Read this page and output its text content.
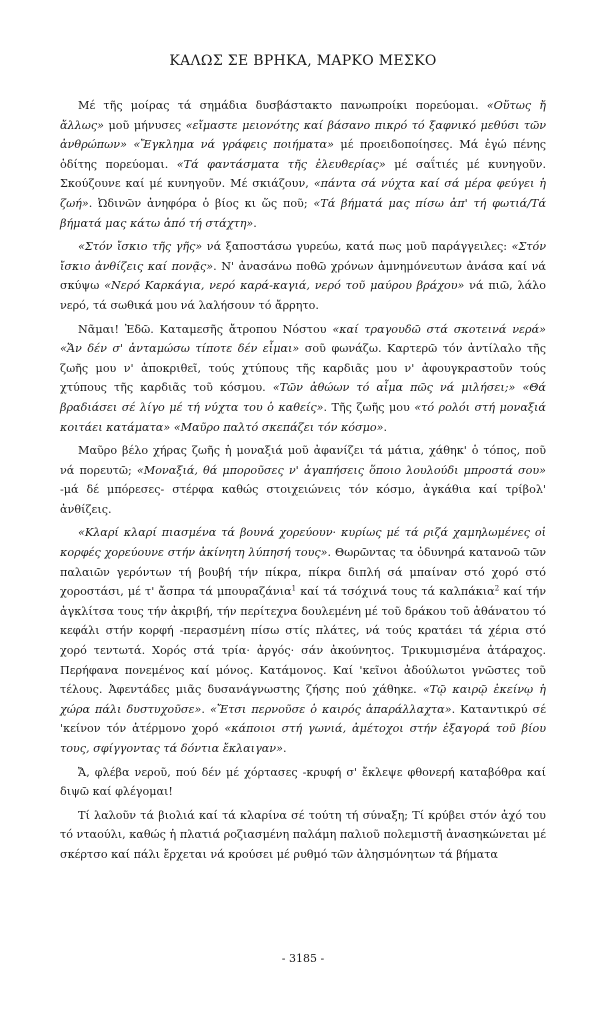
ΚΑΛΩΣ ΣΕ ΒΡΗΚΑ, ΜΑΡΚΟ ΜΕΣΚΟ

Μέ τῆς μοίρας τά σημάδια δυσβάστακτο πανωπροίκι πορεύομαι. «Οὕτως ἤ ἄλλως» μοῦ μήνυσες «εἴμαστε μειονότης καί βάσανο πικρό τό ξαφνικό μεθύσι τῶν ἀνθρώπων» «Ἔγκλημα νά γράφεις ποιήματα» μέ προειδοποίησες. Μά ἐγώ πένης ὁδίτης πορεύομαι. «Τά φαντάσματα τῆς ἐλευθερίας» μέ σαΐτιές μέ κυνηγοῦν. Σκούζουνε καί μέ κυνηγοῦν. Μέ σκιάζουν, «πάντα σά νύχτα καί σά μέρα φεύγει ἡ ζωή». Ὠδινῶν ἀνηφόρα ὁ βίος κι ὥς ποῦ; «Τά βήματά μας πίσω ἀπ' τή φωτιά/Τά βήματά μας κάτω ἀπό τή στάχτη».

«Στόν ἴσκιο τῆς γῆς» νά ξαποστάσω γυρεύω, κατά πως μοῦ παράγγειλες: «Στόν ἴσκιο ἀνθίζεις καί πονᾷς». Ν' ἀνασάνω ποθῶ χρόνων ἀμνημόνευτων ἀνάσα καί νά σκύψω «Νερό Καρκάγια, νερό καρά-καγιά, νερό τοῦ μαύρου βράχου» νά πιῶ, λάλο νερό, τά σωθικά μου νά λαλήσουν τό ἄρρητο.

Νᾶμαι! Ἐδῶ. Καταμεσῆς ἄτροπου Νόστου «καί τραγουδῶ στά σκοτεινά νερά» «Ἄν δέν σ' ἀνταμώσω τίποτε δέν εἶμαι» σοῦ φωνάζω. Καρτερῶ τόν ἀντίλαλο τῆς ζωῆς μου ν' ἀποκριθεῖ, τούς χτύπους τῆς καρδιᾶς μου ν' ἀφουγκραστοῦν τούς χτύπους τῆς καρδιᾶς τοῦ κόσμου. «Τῶν ἀθώων τό αἷμα πῶς νά μιλήσει;» «Θά βραδιάσει σέ λίγο μέ τή νύχτα του ὁ καθείς». Τῆς ζωῆς μου «τό ρολόι στή μοναξιά κοιτάει κατάματα» «Μαῦρο παλτό σκεπάζει τόν κόσμο».

Μαῦρο βέλο χήρας ζωῆς ἡ μοναξιά μοῦ ἀφανίζει τά μάτια, χάθηκ' ὁ τόπος, ποῦ νά πορευτῶ; «Μοναξιά, θά μποροῦσες ν' ἀγαπήσεις ὅποιο λουλούδι μπροστά σου» -μά δέ μπόρεσες- στέρφα καθώς στοιχειώνεις τόν κόσμο, ἀγκάθια καί τρίβολ' ἀνθίζεις.

«Κλαρί κλαρί πιασμένα τά βουνά χορεύουν· κυρίως μέ τά ριζά χαμηλωμένες οἱ κορφές χορεύουνε στήν ἀκίνητη λύπησή τους». Θωρῶντας τα ὀδυνηρά κατανοῶ τῶν παλαιῶν γερόντων τή βουβή τήν πίκρα, πίκρα διπλή σά μπαίναν στό χορό στό χοροστάσι, μέ τ' ἄσπρα τά μπουραζάνια$^1$ καί τά τσόχινά τους τά καλπάκια$^2$ καί τήν ἀγκλίτσα τους τήν ἀκριβή, τήν περίτεχνα δουλεμένη μέ τοῦ δράκου τοῦ ἀθάνατου τό κεφάλι στήν κορφή -περασμένη πίσω στίς πλάτες, νά τούς κρατάει τά χέρια στό χορό τεντωτά. Χορός στά τρία· ἀργός· σάν ἀκούνητος. Τρικυμισμένα ἀτάραχος. Περήφανα πονεμένος καί μόνος. Κατάμονος. Καί 'κεῖνοι ἀδούλωτοι γνῶστες τοῦ τέλους. Ἀφεντάδες μιᾶς δυσανάγνωστης ζήσης πού χάθηκε. «Τῷ καιρῷ ἐκείνῳ ἡ χώρα πάλι δυστυχοῦσε». «Ἔτσι περνοῦσε ὁ καιρός ἀπαράλλαχτα». Καταντικρύ σέ 'κείνον τόν ἀτέρμονο χορό «κάποιοι στή γωνιά, ἀμέτοχοι στήν ἐξαγορά τοῦ βίου τους, σφίγγοντας τά δόντια ἔκλαιγαν».

Ἄ, φλέβα νεροῦ, πού δέν μέ χόρτασες -κρυφή σ' ἔκλεψε φθονερή καταβόθρα καί διψῶ καί φλέγομαι!

Τί λαλοῦν τά βιολιά καί τά κλαρίνα σέ τούτη τή σύναξη; Τί κρύβει στόν ἀχό του τό νταούλι, καθώς ἡ πλατιά ροζιασμένη παλάμη παλιοῦ πολεμιστῆ ἀνασηκώνεται μέ σκέρτσο καί πάλι ἔρχεται νά κρούσει μέ ρυθμό τῶν ἀλησμόνητων τά βήματα

- 3185 -
